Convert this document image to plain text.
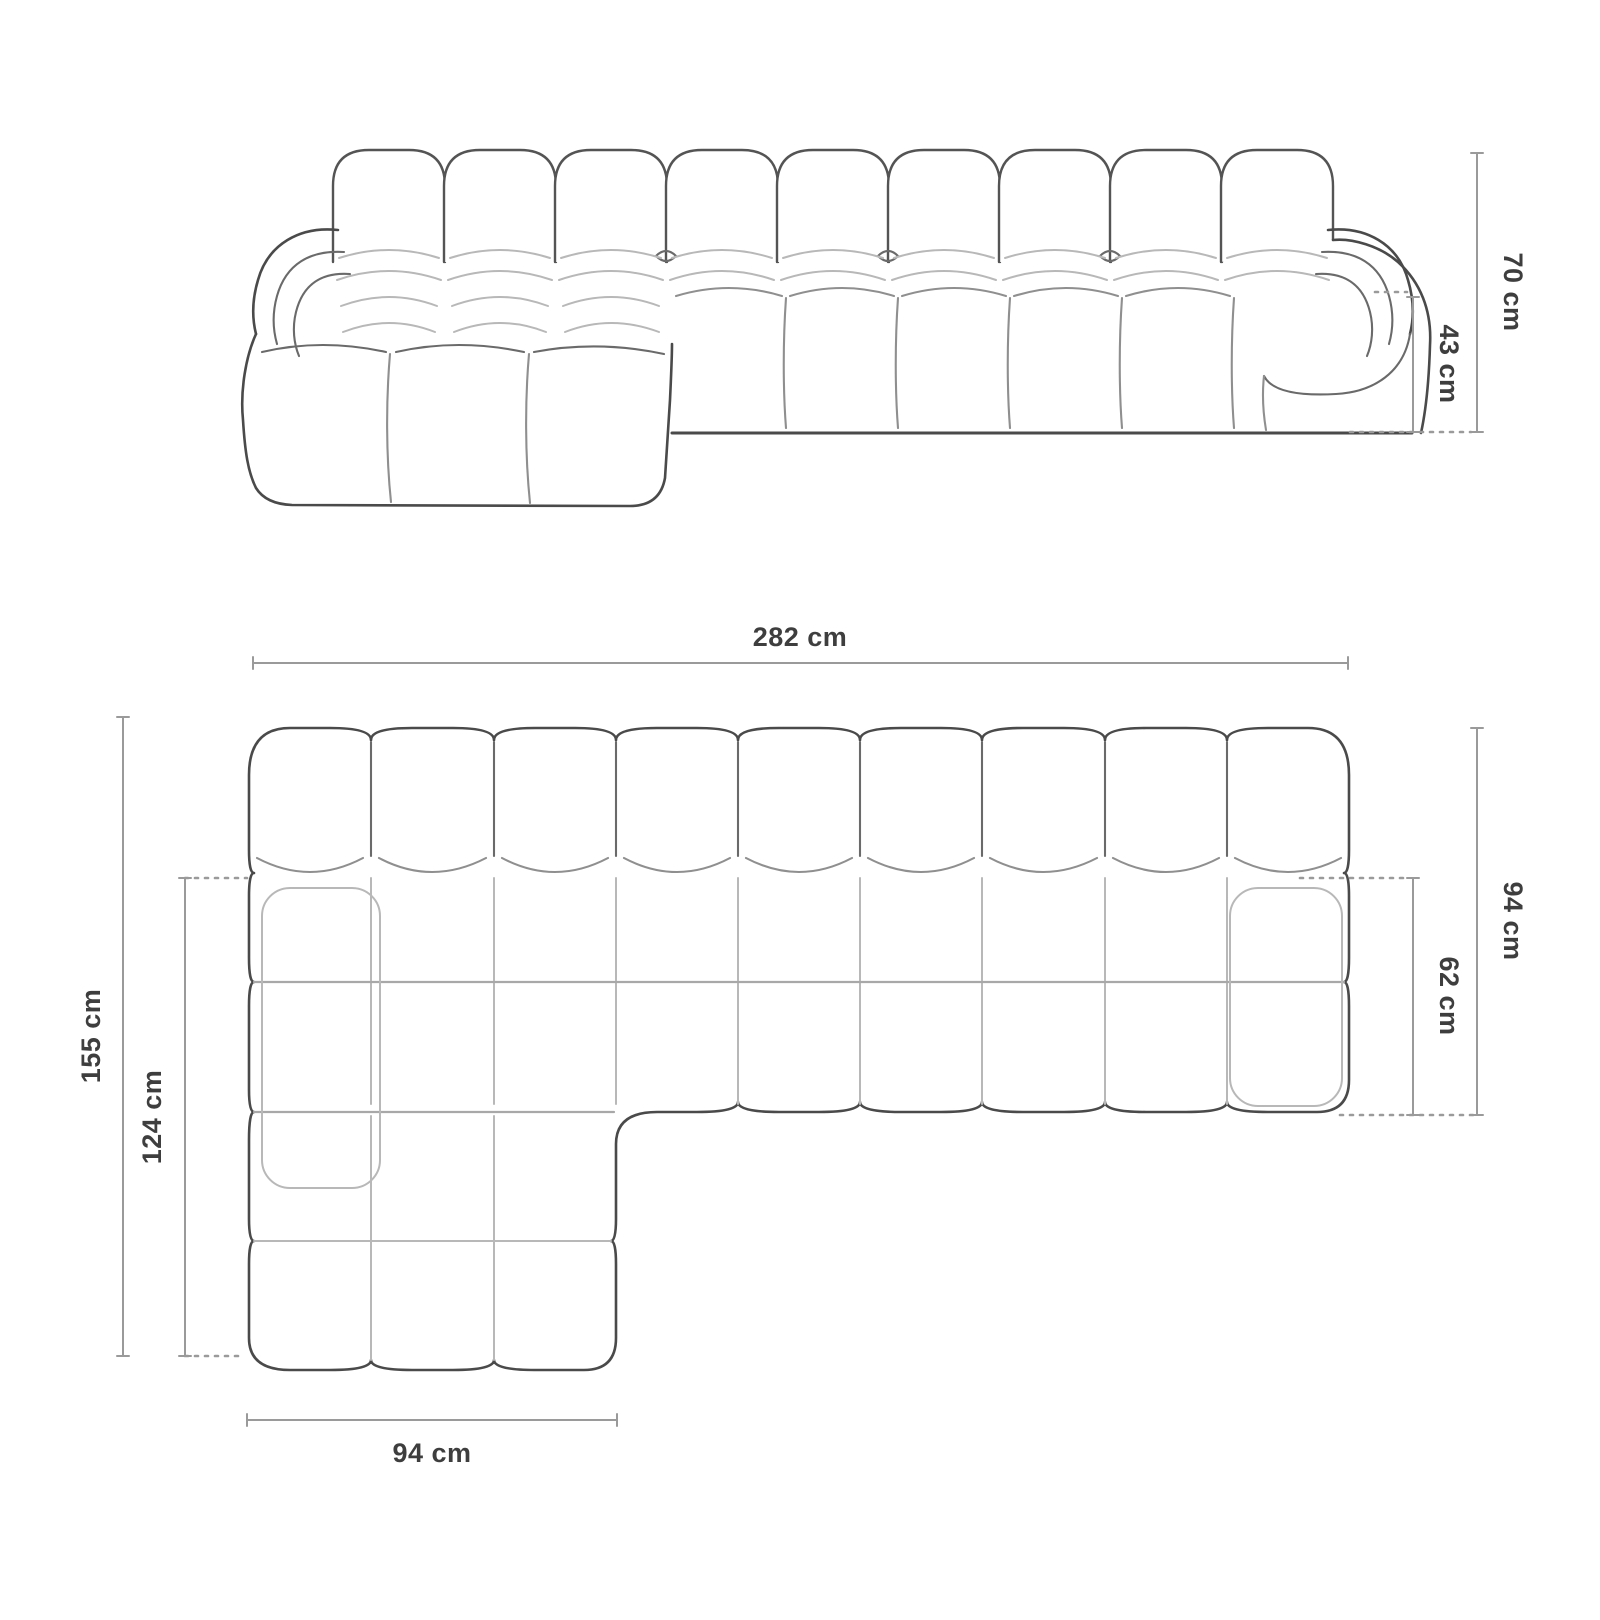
70 cm
43 cm
282 cm
94 cm
62 cm
155 cm
124 cm
94 cm
